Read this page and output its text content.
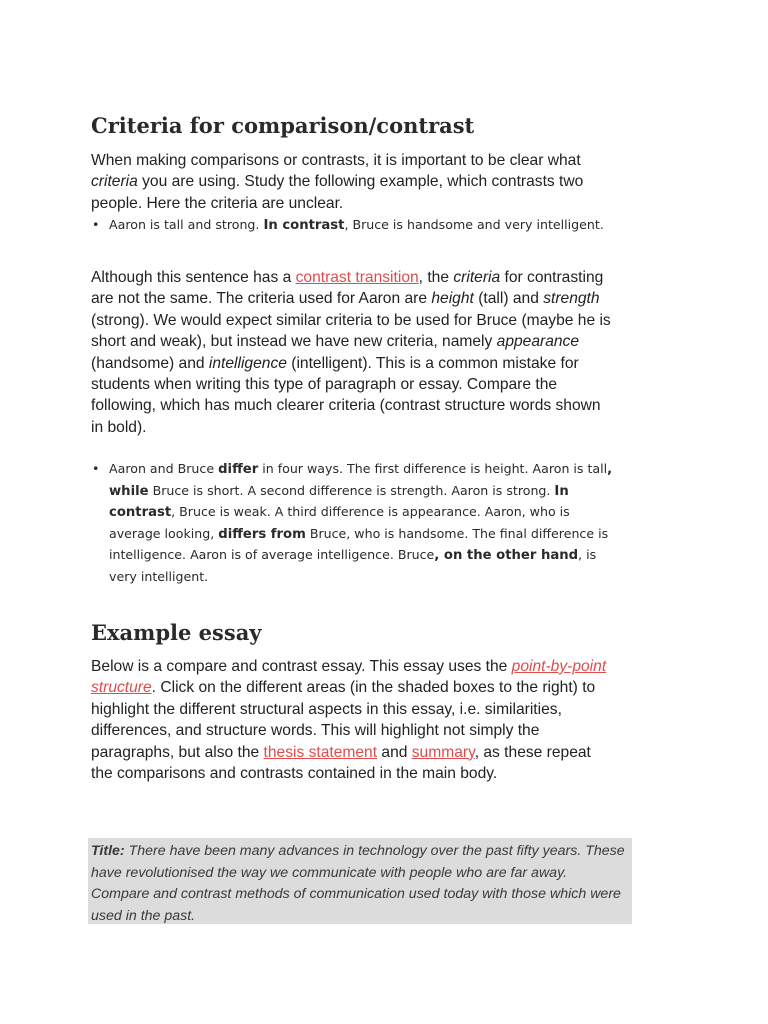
Criteria for comparison/contrast

When making comparisons or contrasts, it is important to be clear what criteria you are using. Study the following example, which contrasts two people. Here the criteria are unclear.

• Aaron is tall and strong. In contrast, Bruce is handsome and very intelligent.

Although this sentence has a contrast transition, the criteria for contrasting are not the same. The criteria used for Aaron are height (tall) and strength (strong). We would expect similar criteria to be used for Bruce (maybe he is short and weak), but instead we have new criteria, namely appearance (handsome) and intelligence (intelligent). This is a common mistake for students when writing this type of paragraph or essay. Compare the following, which has much clearer criteria (contrast structure words shown in bold).

• Aaron and Bruce differ in four ways. The first difference is height. Aaron is tall, while Bruce is short. A second difference is strength. Aaron is strong. In contrast, Bruce is weak. A third difference is appearance. Aaron, who is average looking, differs from Bruce, who is handsome. The final difference is intelligence. Aaron is of average intelligence. Bruce, on the other hand, is very intelligent.
Example essay

Below is a compare and contrast essay. This essay uses the point-by-point structure. Click on the different areas (in the shaded boxes to the right) to highlight the different structural aspects in this essay, i.e. similarities, differences, and structure words. This will highlight not simply the paragraphs, but also the thesis statement and summary, as these repeat the comparisons and contrasts contained in the main body.

Title: There have been many advances in technology over the past fifty years. These have revolutionised the way we communicate with people who are far away. Compare and contrast methods of communication used today with those which were used in the past.
